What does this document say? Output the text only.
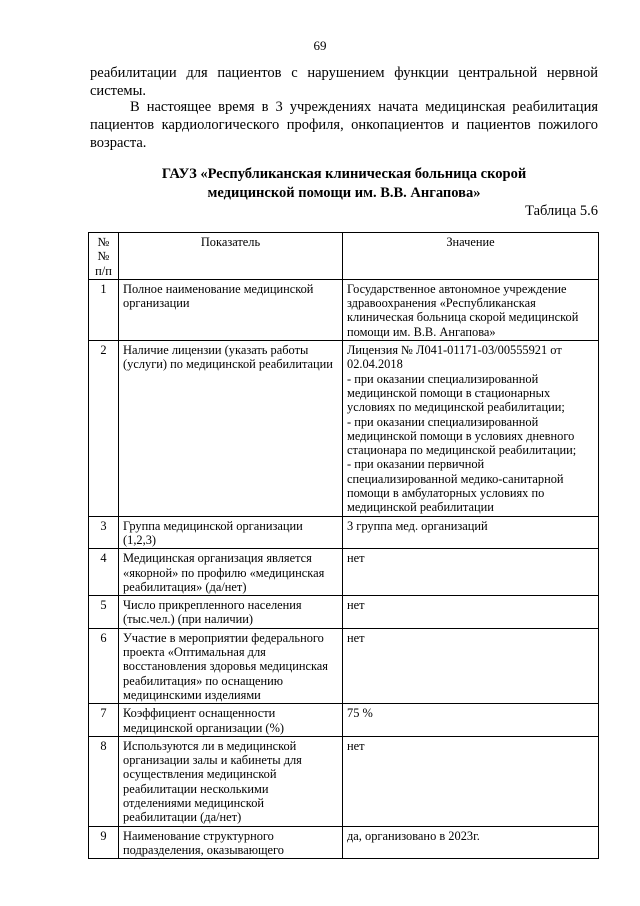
69
реабилитации для пациентов с нарушением функции центральной нервной системы.
В настоящее время в 3 учреждениях начата медицинская реабилитация пациентов кардиологического профиля, онкопациентов и пациентов пожилого возраста.
ГАУЗ «Республиканская клиническая больница скорой
медицинской помощи им. В.В. Ангапова»
Таблица 5.6
№№ п/п	Показатель	Значение
1	Полное наименование медицинской организации	Государственное автономное учреждение здравоохранения «Республиканская клиническая больница скорой медицинской помощи им. В.В. Ангапова»
2	Наличие лицензии (указать работы (услуги) по медицинской реабилитации	Лицензия № Л041-01171-03/00555921 от 02.04.2018
- при оказании специализированной медицинской помощи в стационарных условиях по медицинской реабилитации;
- при оказании специализированной медицинской помощи в условиях дневного стационара по медицинской реабилитации;
- при оказании первичной специализированной медико-санитарной помощи в амбулаторных условиях по медицинской реабилитации
3	Группа медицинской организации (1,2,3)	3 группа мед. организаций
4	Медицинская организация является «якорной» по профилю «медицинская реабилитация» (да/нет)	нет
5	Число прикрепленного населения (тыс.чел.) (при наличии)	нет
6	Участие в мероприятии федерального проекта «Оптимальная для восстановления здоровья медицинская реабилитация» по оснащению медицинскими изделиями	нет
7	Коэффициент оснащенности медицинской организации (%)	75 %
8	Используются ли в медицинской организации залы и кабинеты для осуществления медицинской реабилитации несколькими отделениями медицинской реабилитации (да/нет)	нет
9	Наименование структурного подразделения, оказывающего	да, организовано в 2023г.
